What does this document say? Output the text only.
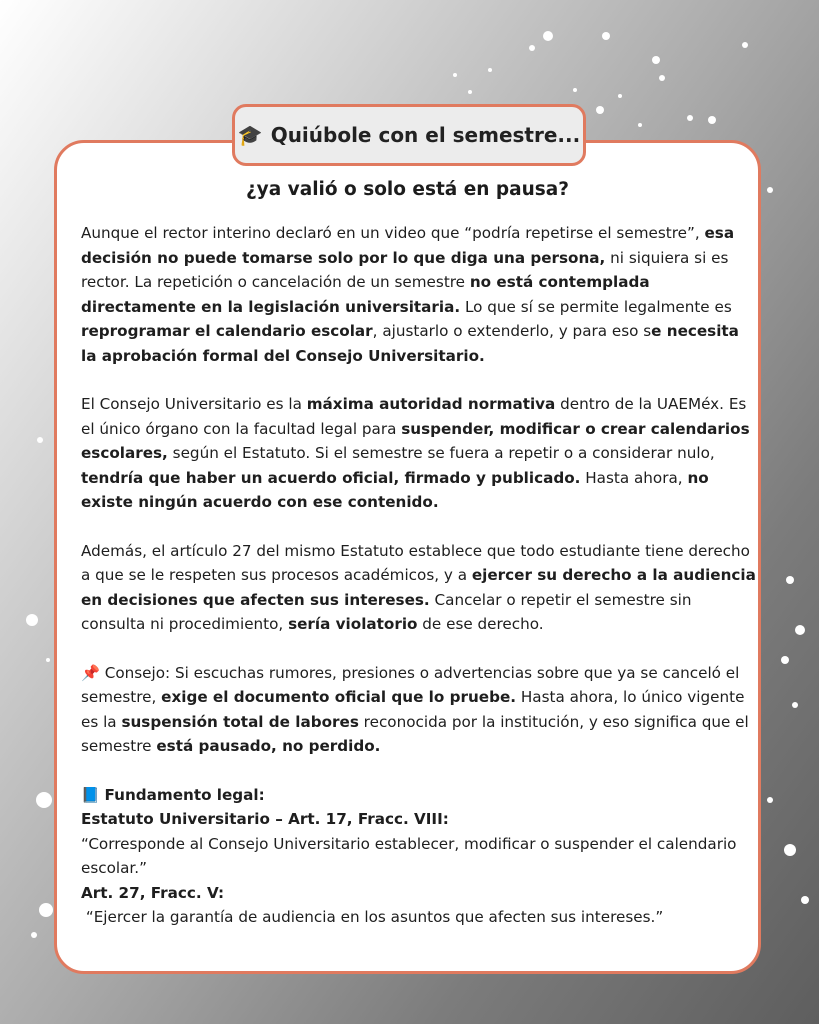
🎓 Quiúbole con el semestre...
¿ya valió o solo está en pausa?

Aunque el rector interino declaró en un video que “podría repetirse el semestre”, esa decisión no puede tomarse solo por lo que diga una persona, ni siquiera si es rector. La repetición o cancelación de un semestre no está contemplada directamente en la legislación universitaria. Lo que sí se permite legalmente es reprogramar el calendario escolar, ajustarlo o extenderlo, y para eso se necesita la aprobación formal del Consejo Universitario.

El Consejo Universitario es la máxima autoridad normativa dentro de la UAEMéx. Es el único órgano con la facultad legal para suspender, modificar o crear calendarios escolares, según el Estatuto. Si el semestre se fuera a repetir o a considerar nulo, tendría que haber un acuerdo oficial, firmado y publicado. Hasta ahora, no existe ningún acuerdo con ese contenido.

Además, el artículo 27 del mismo Estatuto establece que todo estudiante tiene derecho a que se le respeten sus procesos académicos, y a ejercer su derecho a la audiencia en decisiones que afecten sus intereses. Cancelar o repetir el semestre sin consulta ni procedimiento, sería violatorio de ese derecho.

📌 Consejo: Si escuchas rumores, presiones o advertencias sobre que ya se canceló el semestre, exige el documento oficial que lo pruebe. Hasta ahora, lo único vigente es la suspensión total de labores reconocida por la institución, y eso significa que el semestre está pausado, no perdido.

📘 Fundamento legal:
Estatuto Universitario – Art. 17, Fracc. VIII:
“Corresponde al Consejo Universitario establecer, modificar o suspender el calendario escolar.”
Art. 27, Fracc. V:
“Ejercer la garantía de audiencia en los asuntos que afecten sus intereses.”
